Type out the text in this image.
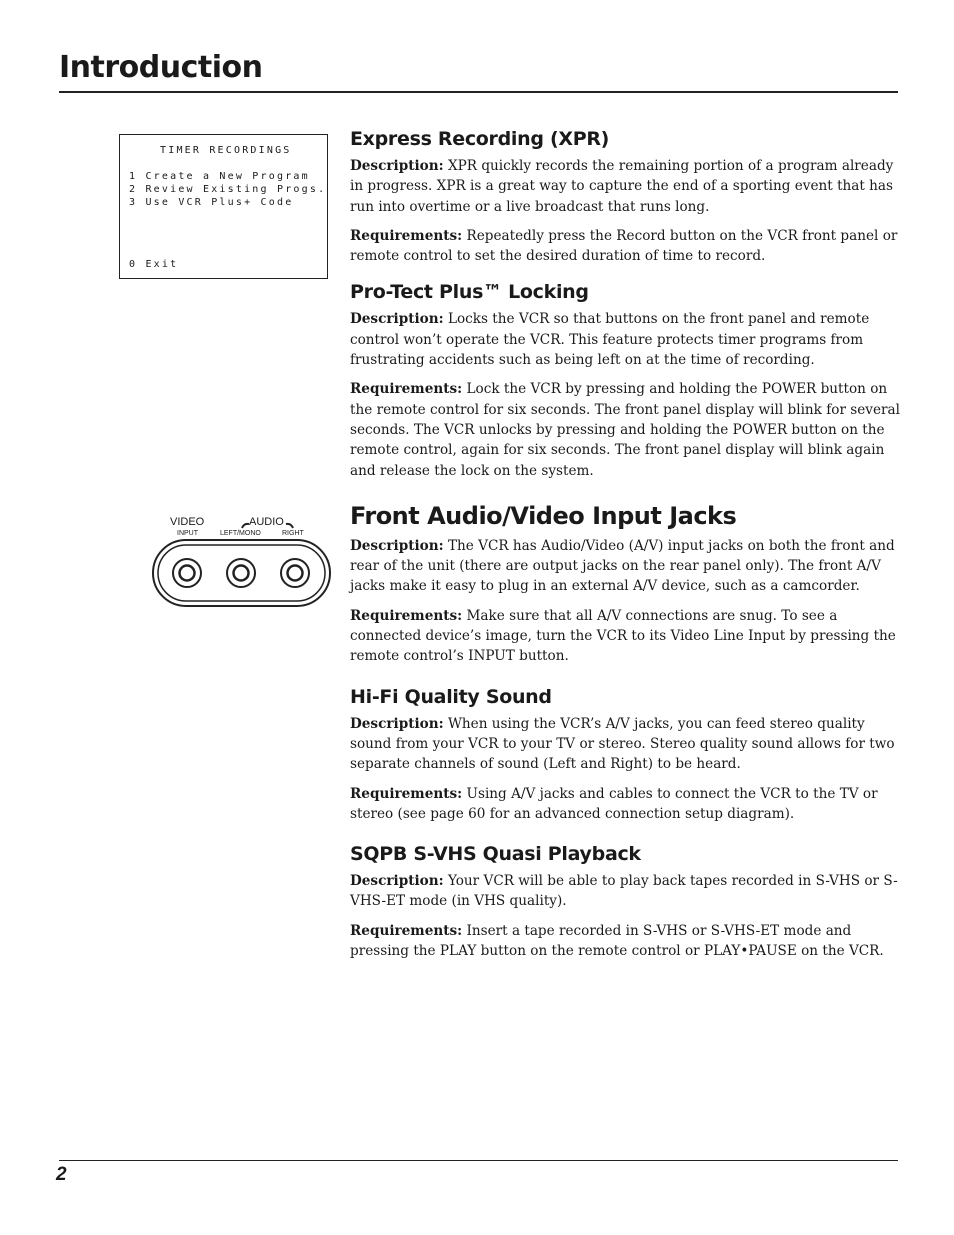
Introduction
TIMER RECORDINGS
1 Create a New Program
2 Review Existing Progs.
3 Use VCR Plus+ Code
0 Exit
VIDEO	AUDIO
INPUT	LEFT/MONO	RIGHT
Express Recording (XPR)

Description: XPR quickly records the remaining portion of a program already in progress. XPR is a great way to capture the end of a sporting event that has run into overtime or a live broadcast that runs long.

Requirements: Repeatedly press the Record button on the VCR front panel or remote control to set the desired duration of time to record.

Pro-Tect Plus™ Locking

Description: Locks the VCR so that buttons on the front panel and remote control won’t operate the VCR. This feature protects timer programs from frustrating accidents such as being left on at the time of recording.

Requirements: Lock the VCR by pressing and holding the POWER button on the remote control for six seconds. The front panel display will blink for several seconds. The VCR unlocks by pressing and holding the POWER button on the remote control, again for six seconds. The front panel display will blink again and release the lock on the system.

Front Audio/Video Input Jacks

Description: The VCR has Audio/Video (A/V) input jacks on both the front and rear of the unit (there are output jacks on the rear panel only). The front A/V jacks make it easy to plug in an external A/V device, such as a camcorder.

Requirements: Make sure that all A/V connections are snug. To see a connected device’s image, turn the VCR to its Video Line Input by pressing the remote control’s INPUT button.

Hi-Fi Quality Sound

Description: When using the VCR’s A/V jacks, you can feed stereo quality sound from your VCR to your TV or stereo. Stereo quality sound allows for two separate channels of sound (Left and Right) to be heard.

Requirements: Using A/V jacks and cables to connect the VCR to the TV or stereo (see page 60 for an advanced connection setup diagram).

SQPB S-VHS Quasi Playback

Description: Your VCR will be able to play back tapes recorded in S-VHS or S-VHS-ET mode (in VHS quality).

Requirements: Insert a tape recorded in S-VHS or S-VHS-ET mode and pressing the PLAY button on the remote control or PLAY•PAUSE on the VCR.

2
